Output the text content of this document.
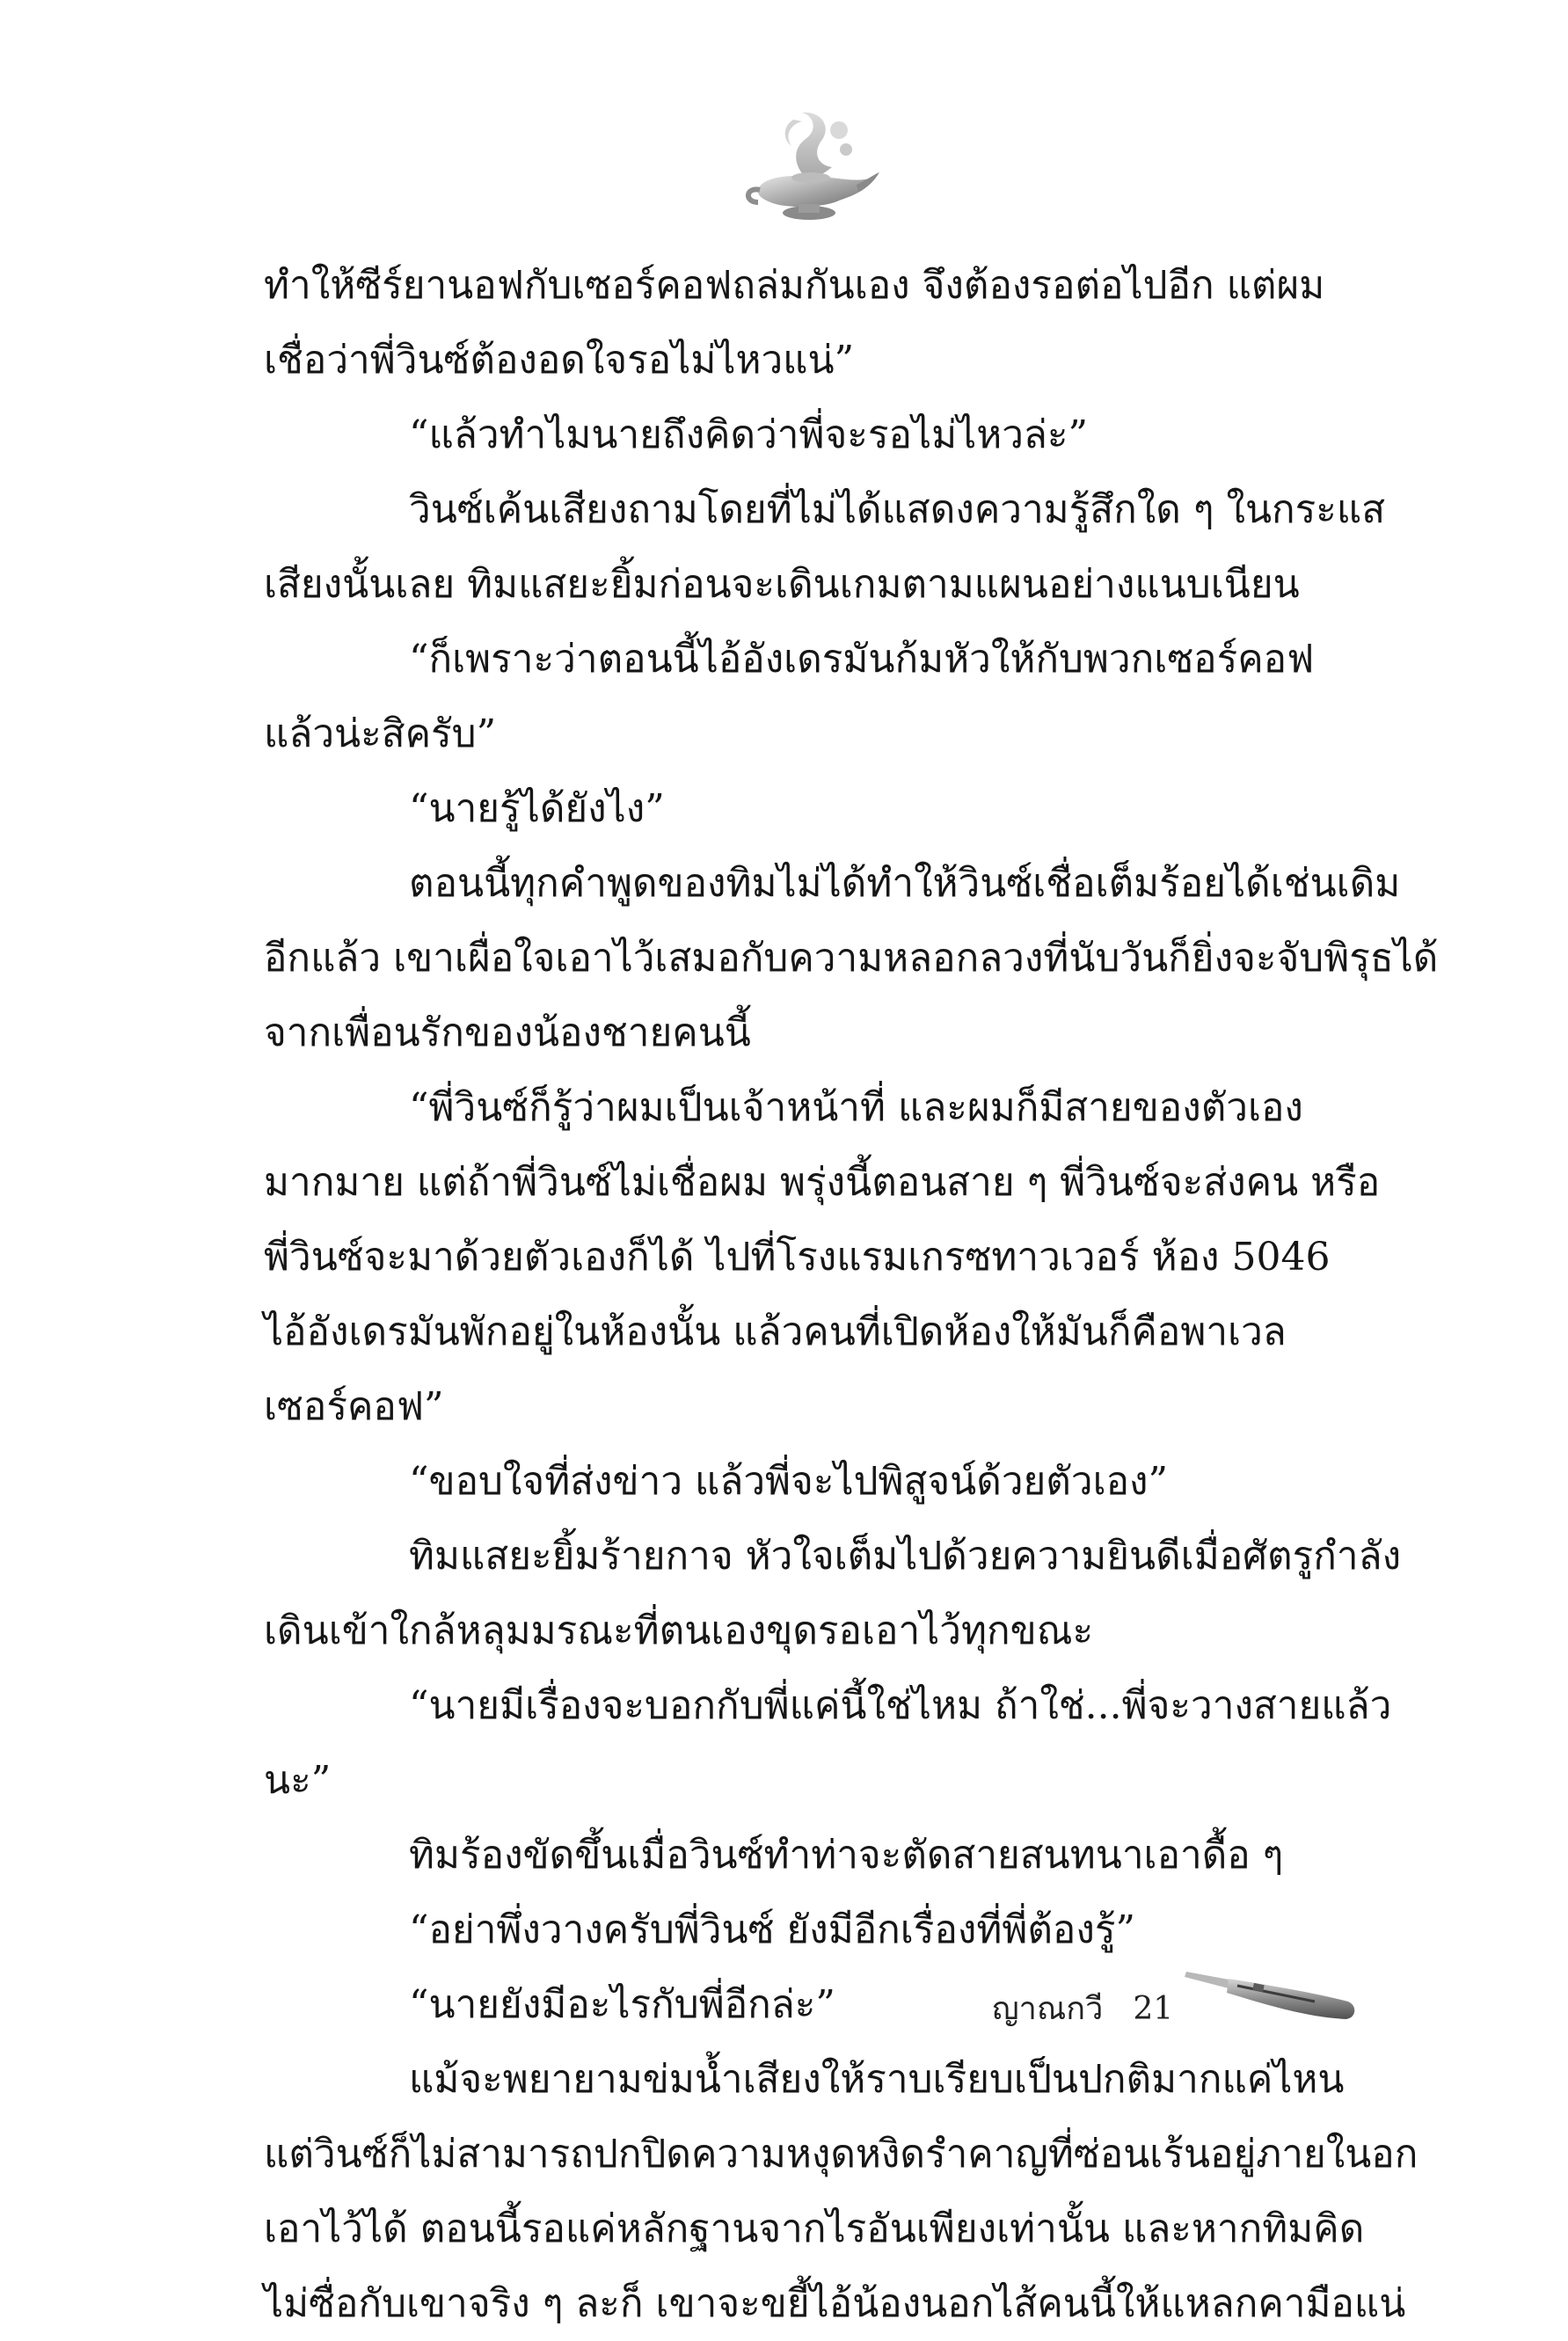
ทำให้ซีร์ยานอฟกับเซอร์คอฟถล่มกันเอง จึงต้องรอต่อไปอีก แต่ผม
เชื่อว่าพี่วินซ์ต้องอดใจรอไม่ไหวแน่”
“แล้วทำไมนายถึงคิดว่าพี่จะรอไม่ไหวล่ะ”
วินซ์เค้นเสียงถามโดยที่ไม่ได้แสดงความรู้สึกใด ๆ ในกระแส
เสียงนั้นเลย ทิมแสยะยิ้มก่อนจะเดินเกมตามแผนอย่างแนบเนียน
“ก็เพราะว่าตอนนี้ไอ้อังเดรมันก้มหัวให้กับพวกเซอร์คอฟ
แล้วน่ะสิครับ”
“นายรู้ได้ยังไง”
ตอนนี้ทุกคำพูดของทิมไม่ได้ทำให้วินซ์เชื่อเต็มร้อยได้เช่นเดิม
อีกแล้ว เขาเผื่อใจเอาไว้เสมอกับความหลอกลวงที่นับวันก็ยิ่งจะจับพิรุธได้
จากเพื่อนรักของน้องชายคนนี้
“พี่วินซ์ก็รู้ว่าผมเป็นเจ้าหน้าที่ และผมก็มีสายของตัวเอง
มากมาย แต่ถ้าพี่วินซ์ไม่เชื่อผม พรุ่งนี้ตอนสาย ๆ พี่วินซ์จะส่งคน หรือ
พี่วินซ์จะมาด้วยตัวเองก็ได้ ไปที่โรงแรมเกรซทาวเวอร์ ห้อง 5046
ไอ้อังเดรมันพักอยู่ในห้องนั้น แล้วคนที่เปิดห้องให้มันก็คือพาเวล
เซอร์คอฟ”
“ขอบใจที่ส่งข่าว แล้วพี่จะไปพิสูจน์ด้วยตัวเอง”
ทิมแสยะยิ้มร้ายกาจ หัวใจเต็มไปด้วยความยินดีเมื่อศัตรูกำลัง
เดินเข้าใกล้หลุมมรณะที่ตนเองขุดรอเอาไว้ทุกขณะ
“นายมีเรื่องจะบอกกับพี่แค่นี้ใช่ไหม ถ้าใช่...พี่จะวางสายแล้ว
นะ”
ทิมร้องขัดขึ้นเมื่อวินซ์ทำท่าจะตัดสายสนทนาเอาดื้อ ๆ
“อย่าพึ่งวางครับพี่วินซ์ ยังมีอีกเรื่องที่พี่ต้องรู้”
“นายยังมีอะไรกับพี่อีกล่ะ”
แม้จะพยายามข่มน้ำเสียงให้ราบเรียบเป็นปกติมากแค่ไหน
แต่วินซ์ก็ไม่สามารถปกปิดความหงุดหงิดรำคาญที่ซ่อนเร้นอยู่ภายในอก
เอาไว้ได้ ตอนนี้รอแค่หลักฐานจากไรอันเพียงเท่านั้น และหากทิมคิด
ไม่ซื่อกับเขาจริง ๆ ละก็ เขาจะขยี้ไอ้น้องนอกไส้คนนี้ให้แหลกคามือแน่
ญาณกวี 21
